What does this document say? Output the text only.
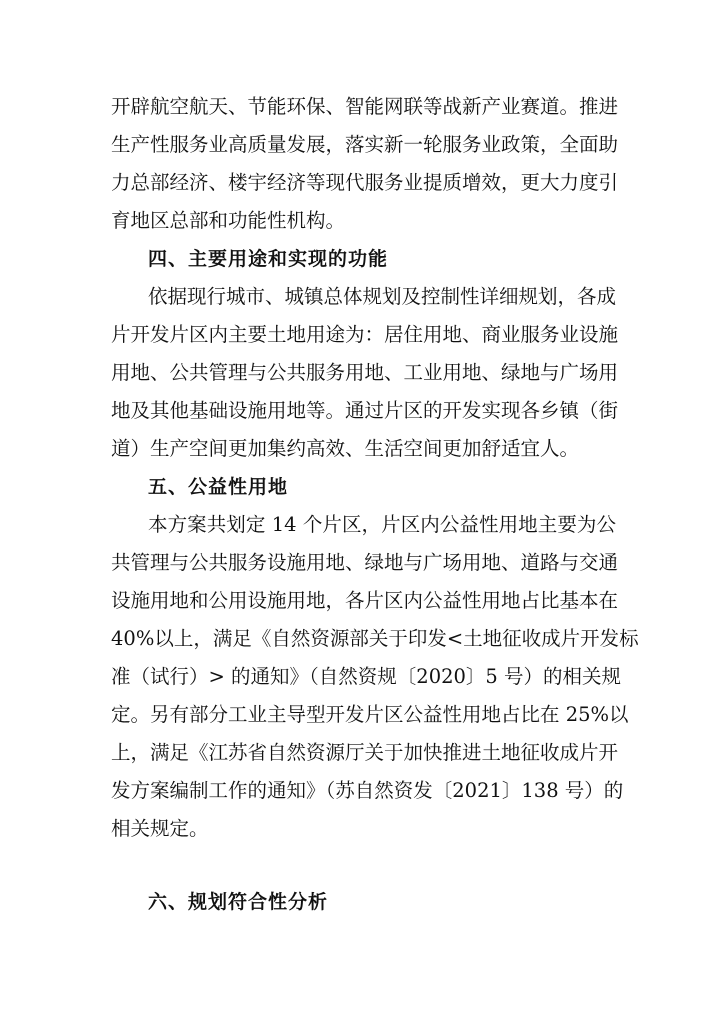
开辟航空航天、节能环保、智能网联等战新产业赛道。推进
生产性服务业高质量发展，落实新一轮服务业政策，全面助
力总部经济、楼宇经济等现代服务业提质增效，更大力度引
育地区总部和功能性机构。
四、主要用途和实现的功能
依据现行城市、城镇总体规划及控制性详细规划，各成
片开发片区内主要土地用途为：居住用地、商业服务业设施
用地、公共管理与公共服务用地、工业用地、绿地与广场用
地及其他基础设施用地等。通过片区的开发实现各乡镇（街
道）生产空间更加集约高效、生活空间更加舒适宜人。
五、公益性用地
本方案共划定 14 个片区，片区内公益性用地主要为公
共管理与公共服务设施用地、绿地与广场用地、道路与交通
设施用地和公用设施用地，各片区内公益性用地占比基本在
40%以上，满足《自然资源部关于印发<土地征收成片开发标
准（试行）> 的通知》（自然资规〔2020〕5 号）的相关规
定。另有部分工业主导型开发片区公益性用地占比在 25%以
上，满足《江苏省自然资源厅关于加快推进土地征收成片开
发方案编制工作的通知》（苏自然资发〔2021〕138 号）的
相关规定。
六、规划符合性分析
